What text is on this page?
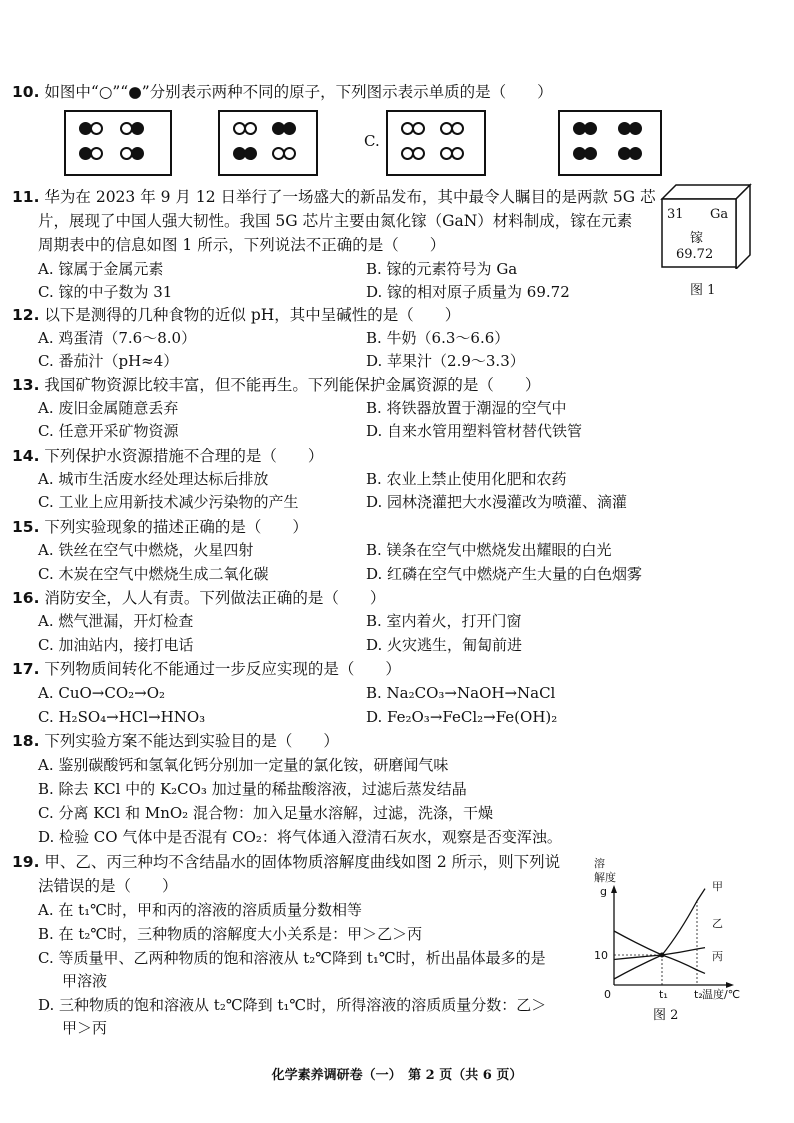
10. 如图中“○”“●”分别表示两种不同的原子，下列图示表示单质的是（　　）
C.
11. 华为在 2023 年 9 月 12 日举行了一场盛大的新品发布，其中最令人瞩目的是两款 5G 芯
片，展现了中国人强大韧性。我国 5G 芯片主要由氮化镓（GaN）材料制成，镓在元素
周期表中的信息如图 1 所示，下列说法不正确的是（　　）
A. 镓属于金属元素	B. 镓的元素符号为 Ga
C. 镓的中子数为 31	D. 镓的相对原子质量为 69.72
31 Ga
镓
69.72
图 1
12. 以下是测得的几种食物的近似 pH，其中呈碱性的是（　　）
A. 鸡蛋清（7.6～8.0）	B. 牛奶（6.3～6.6）
C. 番茄汁（pH≈4）	D. 苹果汁（2.9～3.3）
13. 我国矿物资源比较丰富，但不能再生。下列能保护金属资源的是（　　）
A. 废旧金属随意丢弃	B. 将铁器放置于潮湿的空气中
C. 任意开采矿物资源	D. 自来水管用塑料管材替代铁管
14. 下列保护水资源措施不合理的是（　　）
A. 城市生活废水经处理达标后排放	B. 农业上禁止使用化肥和农药
C. 工业上应用新技术减少污染物的产生	D. 园林浇灌把大水漫灌改为喷灌、滴灌
15. 下列实验现象的描述正确的是（　　）
A. 铁丝在空气中燃烧，火星四射	B. 镁条在空气中燃烧发出耀眼的白光
C. 木炭在空气中燃烧生成二氧化碳	D. 红磷在空气中燃烧产生大量的白色烟雾
16. 消防安全，人人有责。下列做法正确的是（　　）
A. 燃气泄漏，开灯检查	B. 室内着火，打开门窗
C. 加油站内，接打电话	D. 火灾逃生，匍匐前进
17. 下列物质间转化不能通过一步反应实现的是（　　）
A. CuO→CO₂→O₂	B. Na₂CO₃→NaOH→NaCl
C. H₂SO₄→HCl→HNO₃	D. Fe₂O₃→FeCl₂→Fe(OH)₂
18. 下列实验方案不能达到实验目的是（　　）
A. 鉴别碳酸钙和氢氧化钙分别加一定量的氯化铵，研磨闻气味
B. 除去 KCl 中的 K₂CO₃ 加过量的稀盐酸溶液，过滤后蒸发结晶
C. 分离 KCl 和 MnO₂ 混合物：加入足量水溶解，过滤，洗涤，干燥
D. 检验 CO 气体中是否混有 CO₂：将气体通入澄清石灰水，观察是否变浑浊。
19. 甲、乙、丙三种均不含结晶水的固体物质溶解度曲线如图 2 所示，则下列说
法错误的是（　　）
A. 在 t₁℃时，甲和丙的溶液的溶质质量分数相等
B. 在 t₂℃时，三种物质的溶解度大小关系是：甲＞乙＞丙
C. 等质量甲、乙两种物质的饱和溶液从 t₂℃降到 t₁℃时，析出晶体最多的是
甲溶液
D. 三种物质的饱和溶液从 t₂℃降到 t₁℃时，所得溶液的溶质质量分数：乙＞
甲＞丙
溶
解度
g	甲
乙
丙
0	t₁ t₂
10
温度/℃
图 2
化学素养调研卷（一）　第 2 页（共 6 页）
